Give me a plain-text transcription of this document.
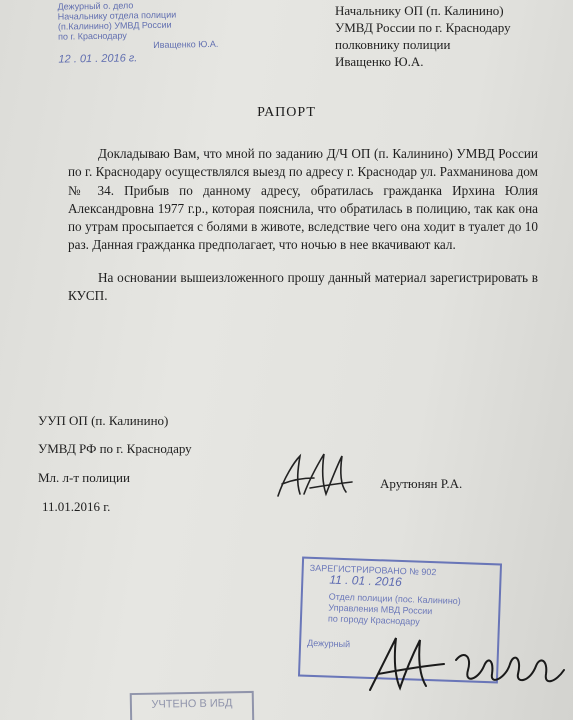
Дежурный о. дело
Начальнику отдела полиции
(п.Калинино) УМВД России
по г. Краснодару
Иващенко Ю.А.
12 . 01 . 2016 г.
Начальнику ОП (п. Калинино)
УМВД России по г. Краснодару
полковнику полиции
Иващенко Ю.А.
РАПОРТ

Докладываю Вам, что мной по заданию Д/Ч ОП (п. Калинино) УМВД России по г. Краснодару осуществлялся выезд по адресу г. Краснодар ул. Рахманинова дом № 34. Прибыв по данному адресу, обратилась гражданка Ирхина Юлия Александровна 1977 г.р., которая пояснила, что обратилась в полицию, так как она по утрам просыпается с болями в животе, вследствие чего она ходит в туалет до 10 раз. Данная гражданка предполагает, что ночью в нее вкачивают кал.

На основании вышеизложенного прошу данный материал зарегистрировать в КУСП.

УУП ОП (п. Калинино)
УМВД РФ по г. Краснодару
Мл. л-т полиции	Арутюнян Р.А.
11.01.2016 г.
ЗАРЕГИСТРИРОВАНО № 902
11 . 01 . 2016
Отдел полиции (пос. Калинино)
Управления МВД России
по городу Краснодару
Дежурный
УЧТЕНО В ИБД
